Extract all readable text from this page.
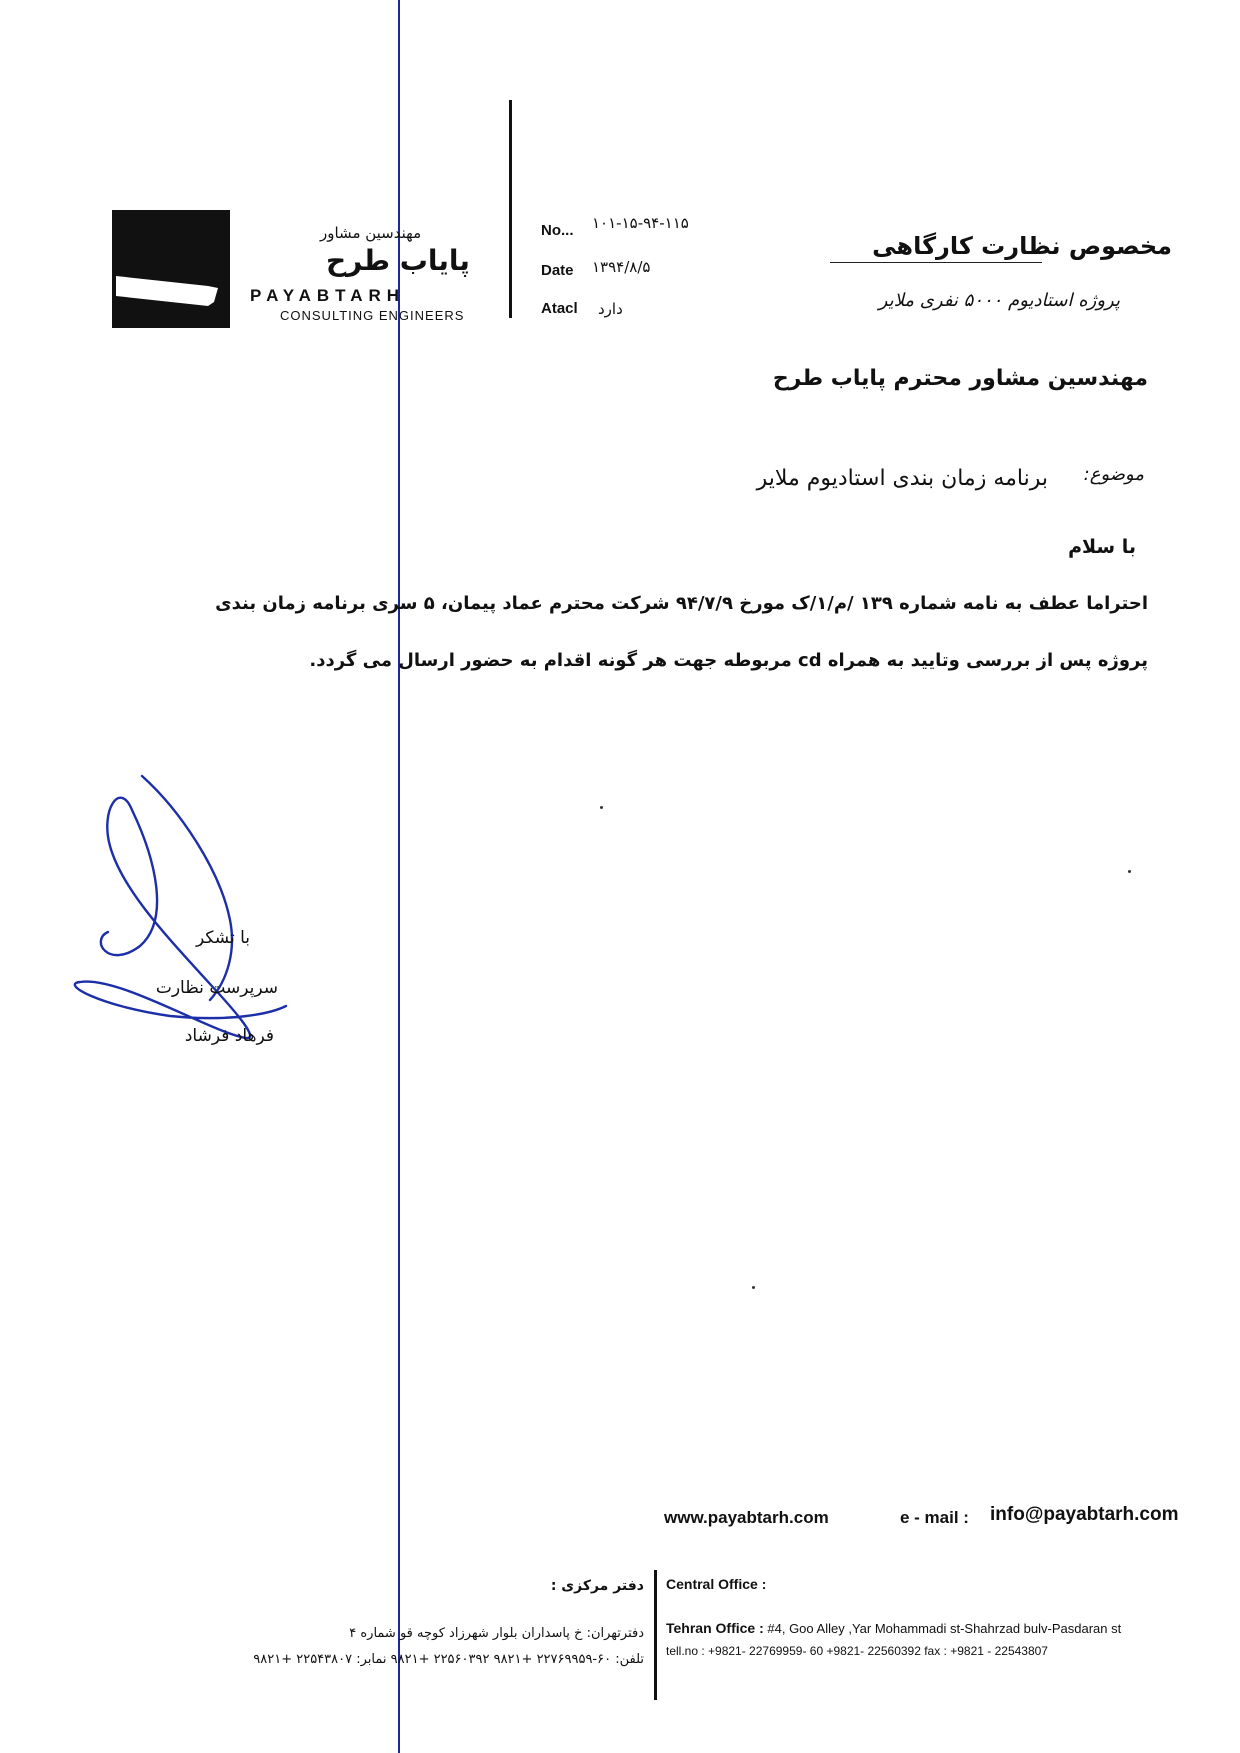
مهندسین مشاور
پایاب طرح
PAYABTARH
CONSULTING ENGINEERS
No... ۱۰۱-۱۵-۹۴-۱۱۵
Date ۱۳۹۴/۸/۵
Atacl دارد
مخصوص نظارت کارگاهی
پروژه استادیوم ۵۰۰۰ نفری ملایر
مهندسین مشاور محترم پایاب طرح
موضوع:
برنامه زمان بندی استادیوم ملایر
با سلام
احتراما عطف به نامه شماره ۱۳۹ /م/۱/ک مورخ ۹۴/۷/۹ شرکت محترم عماد پیمان، ۵ سری برنامه زمان بندی
پروژه پس از بررسی وتایید به همراه cd مربوطه جهت هر گونه اقدام به حضور ارسال می گردد.
با تشکر
سرپرست نظارت
فرهاد فرشاد
www.payabtarh.com	e - mail : info@payabtarh.com
دفتر مرکزی : Central Office :
دفترتهران: خ پاسداران بلوار شهرزاد کوچه قو شماره ۴
تلفن: ۶۰-۲۲۷۶۹۹۵۹ +۹۸۲۱ ۲۲۵۶۰۳۹۲ +۹۸۲۱ نمابر: ۲۲۵۴۳۸۰۷ +۹۸۲۱
Tehran Office : #4, Goo Alley ,Yar Mohammadi st-Shahrzad bulv-Pasdaran st
tell.no : +9821- 22769959- 60 +9821- 22560392 fax : +9821 - 22543807
